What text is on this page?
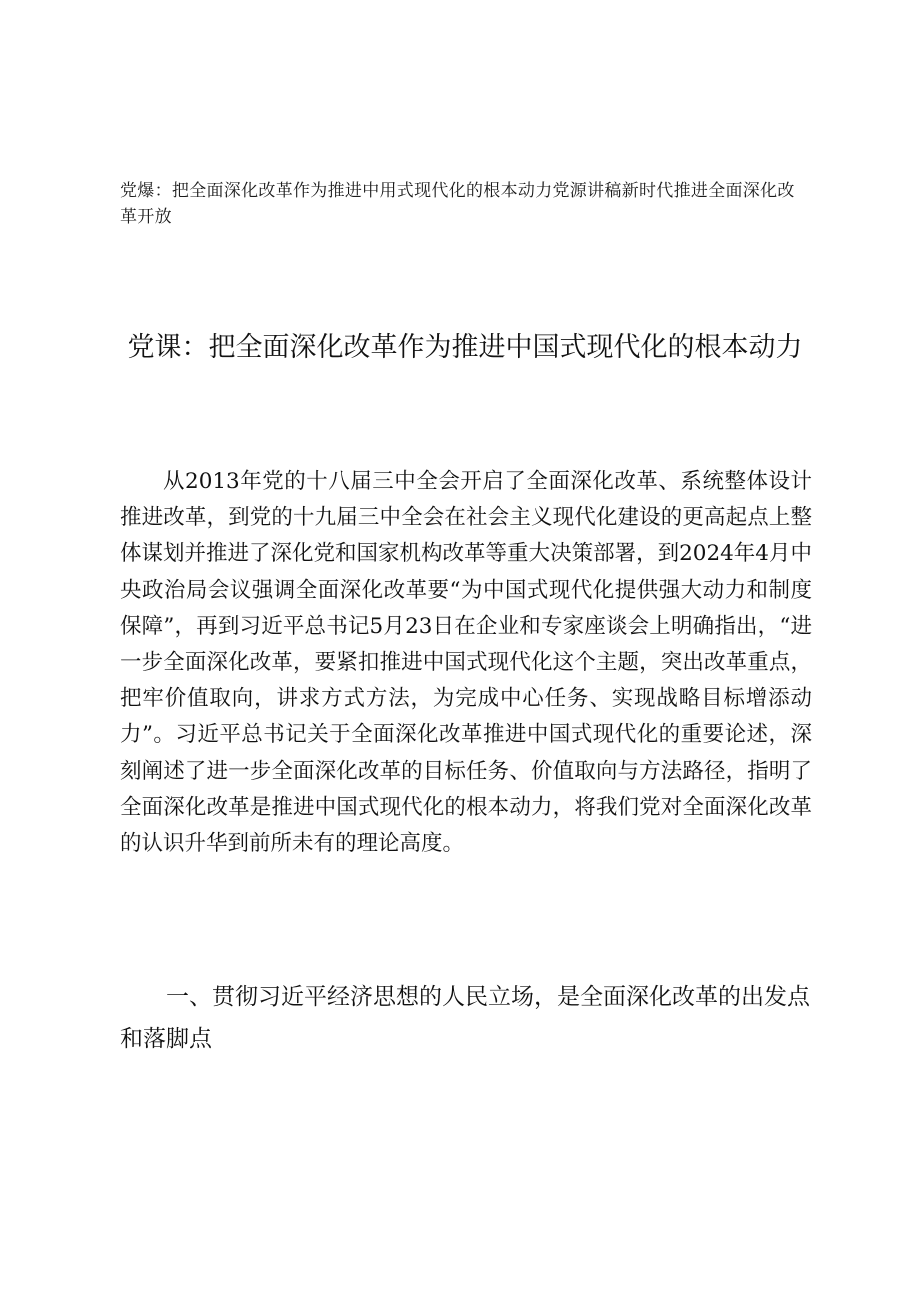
党爆：把全面深化改革作为推进中用式现代化的根本动力党源讲稿新时代推进全面深化改革开放
党课：把全面深化改革作为推进中国式现代化的根本动力

从2013年党的十八届三中全会开启了全面深化改革、系统整体设计推进改革，到党的十九届三中全会在社会主义现代化建设的更高起点上整体谋划并推进了深化党和国家机构改革等重大决策部署，到2024年4月中央政治局会议强调全面深化改革要“为中国式现代化提供强大动力和制度保障”，再到习近平总书记5月23日在企业和专家座谈会上明确指出，“进一步全面深化改革，要紧扣推进中国式现代化这个主题，突出改革重点，把牢价值取向，讲求方式方法，为完成中心任务、实现战略目标增添动力”。习近平总书记关于全面深化改革推进中国式现代化的重要论述，深刻阐述了进一步全面深化改革的目标任务、价值取向与方法路径，指明了全面深化改革是推进中国式现代化的根本动力，将我们党对全面深化改革的认识升华到前所未有的理论高度。

一、贯彻习近平经济思想的人民立场，是全面深化改革的出发点和落脚点
